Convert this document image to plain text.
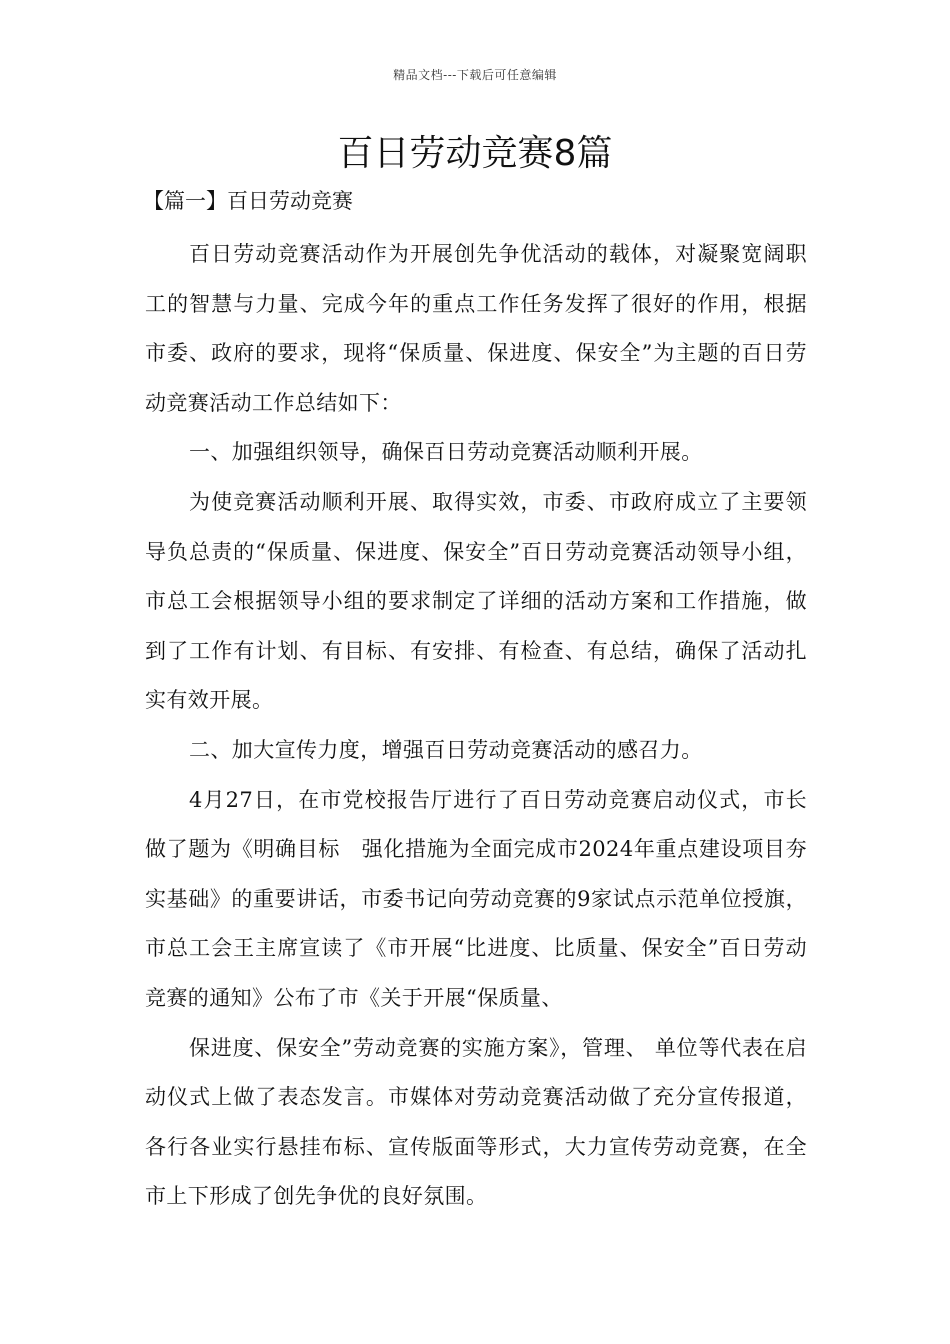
精品文档---下载后可任意编辑
百日劳动竞赛8篇
【篇一】百日劳动竞赛

百日劳动竞赛活动作为开展创先争优活动的载体，对凝聚宽阔职工的智慧与力量、完成今年的重点工作任务发挥了很好的作用，根据市委、政府的要求，现将“保质量、保进度、保安全”为主题的百日劳动竞赛活动工作总结如下：

一、加强组织领导，确保百日劳动竞赛活动顺利开展。

为使竞赛活动顺利开展、取得实效，市委、市政府成立了主要领导负总责的“保质量、保进度、保安全”百日劳动竞赛活动领导小组，市总工会根据领导小组的要求制定了详细的活动方案和工作措施，做到了工作有计划、有目标、有安排、有检查、有总结，确保了活动扎实有效开展。

二、加大宣传力度，增强百日劳动竞赛活动的感召力。

4月27日，在市党校报告厅进行了百日劳动竞赛启动仪式，市长做了题为《明确目标　强化措施为全面完成市2024年重点建设项目夯实基础》的重要讲话，市委书记向劳动竞赛的9家试点示范单位授旗，市总工会王主席宣读了《市开展“比进度、比质量、保安全”百日劳动竞赛的通知》公布了市《关于开展“保质量、

保进度、保安全”劳动竞赛的实施方案》，管理、 单位等代表在启动仪式上做了表态发言。市媒体对劳动竞赛活动做了充分宣传报道，各行各业实行悬挂布标、宣传版面等形式，大力宣传劳动竞赛，在全市上下形成了创先争优的良好氛围。
